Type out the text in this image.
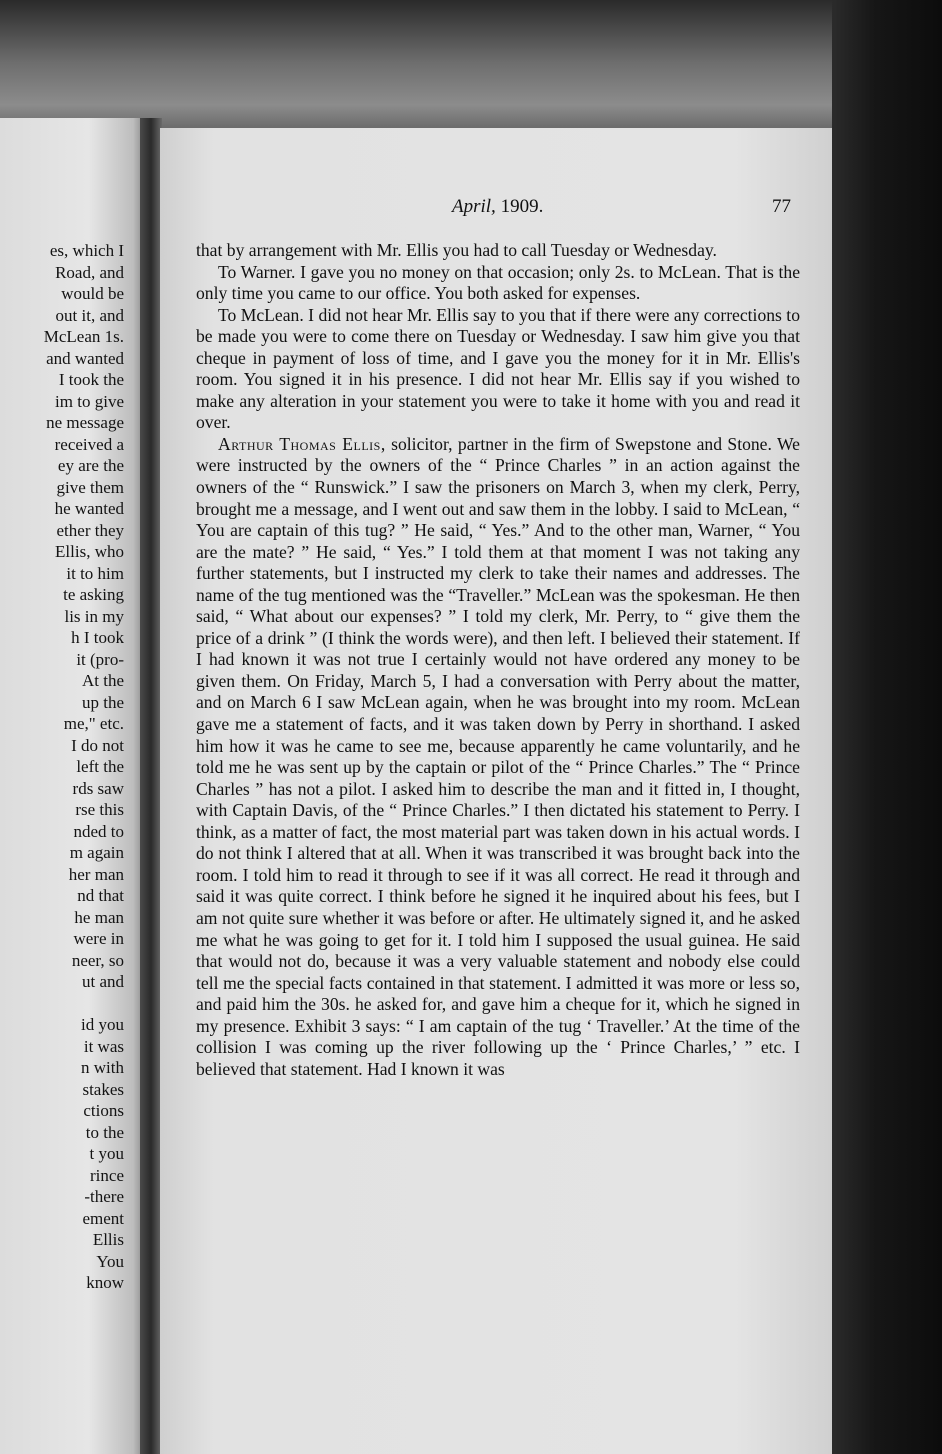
es, which I
Road, and
would be
out it, and
McLean 1s.
and wanted
I took the
im to give
ne message
received a
ey are the
give them
he wanted
ether they
Ellis, who
it to him
te asking
lis in my
h I took
it (pro-
At the
up the
me," etc.
I do not
left the
rds saw
rse this
nded to
m again
her man
nd that
he man
were in
neer, so
ut and
id you
it was
n with
stakes
ctions
to the
t you
rince
-there
ement
Ellis
You
know
April, 1909.	77

that by arrangement with Mr. Ellis you had to call Tuesday or Wednesday.

To Warner. I gave you no money on that occasion; only 2s. to McLean. That is the only time you came to our office. You both asked for expenses.

To McLean. I did not hear Mr. Ellis say to you that if there were any corrections to be made you were to come there on Tuesday or Wednesday. I saw him give you that cheque in payment of loss of time, and I gave you the money for it in Mr. Ellis's room. You signed it in his presence. I did not hear Mr. Ellis say if you wished to make any alteration in your statement you were to take it home with you and read it over.

Arthur Thomas Ellis, solicitor, partner in the firm of Swepstone and Stone. We were instructed by the owners of the “ Prince Charles ” in an action against the owners of the “ Runswick.” I saw the prisoners on March 3, when my clerk, Perry, brought me a message, and I went out and saw them in the lobby. I said to McLean, “ You are captain of this tug? ” He said, “ Yes.” And to the other man, Warner, “ You are the mate? ” He said, “ Yes.” I told them at that moment I was not taking any further statements, but I instructed my clerk to take their names and addresses. The name of the tug mentioned was the “Traveller.” McLean was the spokesman. He then said, “ What about our expenses? ” I told my clerk, Mr. Perry, to “ give them the price of a drink ” (I think the words were), and then left. I believed their statement. If I had known it was not true I certainly would not have ordered any money to be given them. On Friday, March 5, I had a conversation with Perry about the matter, and on March 6 I saw McLean again, when he was brought into my room. McLean gave me a statement of facts, and it was taken down by Perry in shorthand. I asked him how it was he came to see me, because apparently he came voluntarily, and he told me he was sent up by the captain or pilot of the “ Prince Charles.” The “ Prince Charles ” has not a pilot. I asked him to describe the man and it fitted in, I thought, with Captain Davis, of the “ Prince Charles.” I then dictated his statement to Perry. I think, as a matter of fact, the most material part was taken down in his actual words. I do not think I altered that at all. When it was transcribed it was brought back into the room. I told him to read it through to see if it was all correct. He read it through and said it was quite correct. I think before he signed it he inquired about his fees, but I am not quite sure whether it was before or after. He ultimately signed it, and he asked me what he was going to get for it. I told him I supposed the usual guinea. He said that would not do, because it was a very valuable statement and nobody else could tell me the special facts contained in that statement. I admitted it was more or less so, and paid him the 30s. he asked for, and gave him a cheque for it, which he signed in my presence. Exhibit 3 says: “ I am captain of the tug ‘ Traveller.’ At the time of the collision I was coming up the river following up the ‘ Prince Charles,’ ” etc. I believed that statement. Had I known it was
